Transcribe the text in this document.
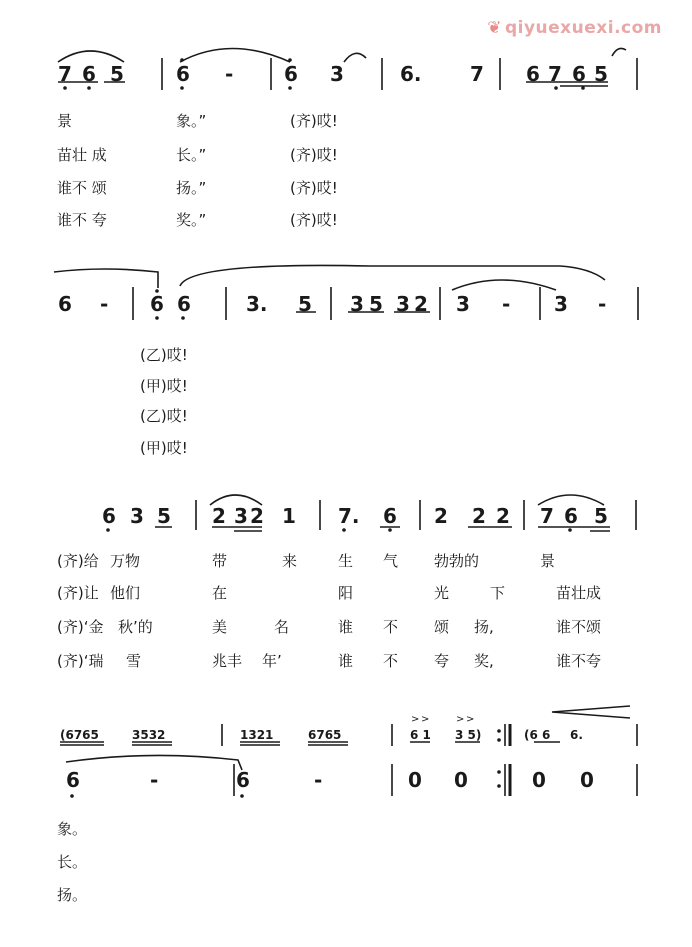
❦ qiyuexuexi.com
7 6 5	6 -	6 3	6. 7 6 7 6 5
景	象。”	(齐)哎!
苗壮 成	长。”	(齐)哎!
谁不 颂	扬。”	(齐)哎!
谁不 夸	奖。”	(齐)哎!
6 - 6 6	3. 5 3 5 3 2 3 - 3 -
(乙)哎!
(甲)哎!
(乙)哎!
(甲)哎!
6 3 5 2 3 2 1 7. 6 2 2 2 7 6 5
(齐)给 万物	带	来	生 气 勃勃的	景
(齐)让 他们	在	阳	光	下	苗壮成
(齐)‘金 秋’的	美	名	谁 不 颂 扬,	谁不颂
(齐)‘瑞 雪	兆丰 年’	谁 不 夸 奖,	谁不夸
(6765	3532	1321	6765	6 1 3 5)	(6 6 6.
> >	> >
6	-	6	-	0 0	0 0
象。
长。
扬。
